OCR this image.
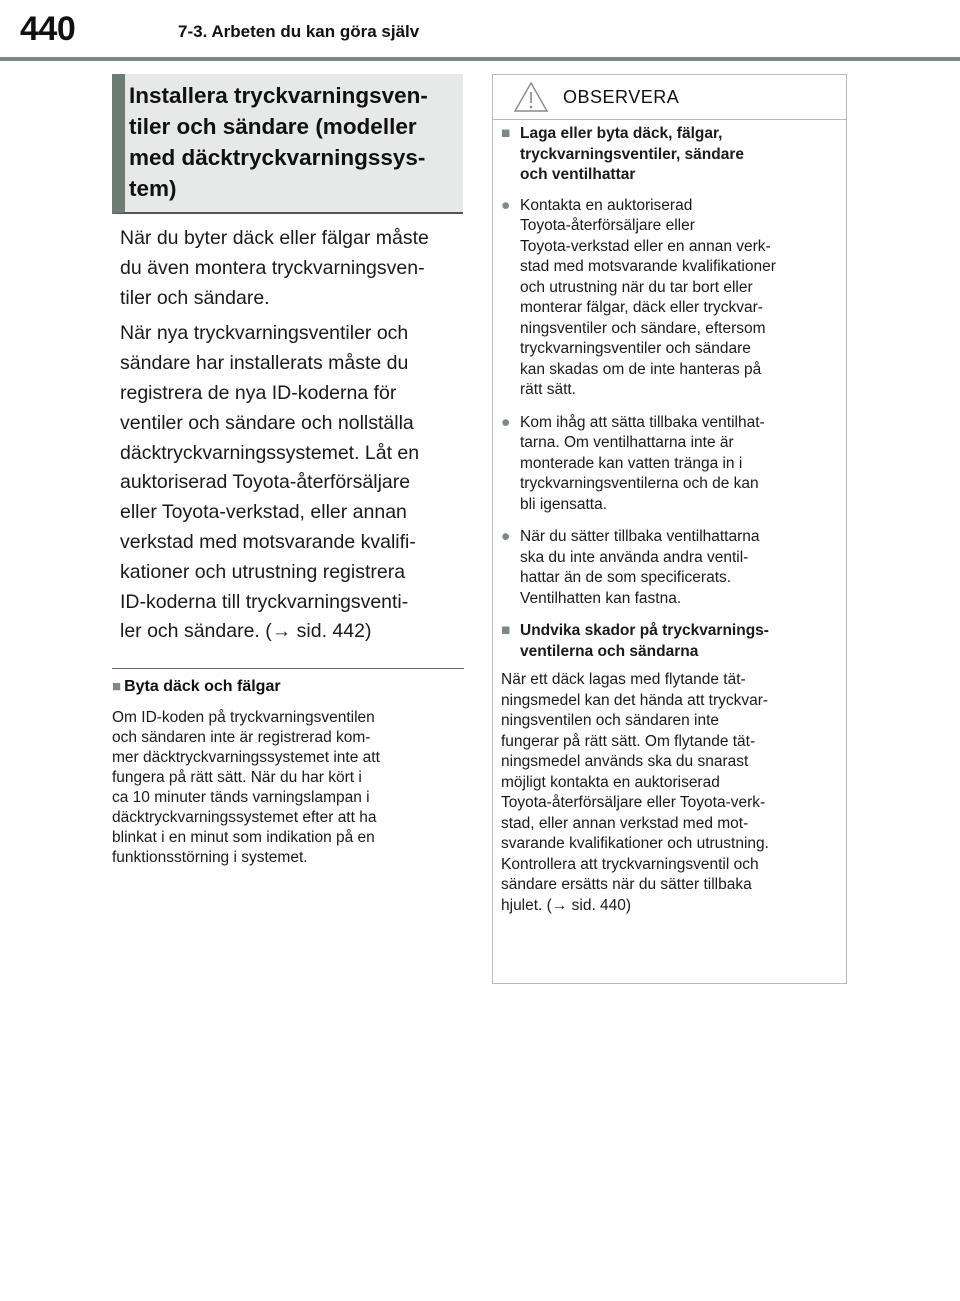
440	7-3. Arbeten du kan göra själv
Installera tryckvarningsven-
tiler och sändare (modeller
med däcktryckvarningssys-
tem)

När du byter däck eller fälgar måste
du även montera tryckvarningsven-
tiler och sändare.

När nya tryckvarningsventiler och
sändare har installerats måste du
registrera de nya ID-koderna för
ventiler och sändare och nollställa
däcktryckvarningssystemet. Låt en
auktoriserad Toyota-återförsäljare
eller Toyota-verkstad, eller annan
verkstad med motsvarande kvalifi-
kationer och utrustning registrera
ID-koderna till tryckvarningsventi-
ler och sändare. (→ sid. 442)

■ Byta däck och fälgar
Om ID-koden på tryckvarningsventilen
och sändaren inte är registrerad kom-
mer däcktryckvarningssystemet inte att
fungera på rätt sätt. När du har kört i
ca 10 minuter tänds varningslampan i
däcktryckvarningssystemet efter att ha
blinkat i en minut som indikation på en
funktionsstörning i systemet.
OBSERVERA
■ Laga eller byta däck, fälgar,
tryckvarningsventiler, sändare
och ventilhattar
● Kontakta en auktoriserad
Toyota-återförsäljare eller
Toyota-verkstad eller en annan verk-
stad med motsvarande kvalifikationer
och utrustning när du tar bort eller
monterar fälgar, däck eller tryckvar-
ningsventiler och sändare, eftersom
tryckvarningsventiler och sändare
kan skadas om de inte hanteras på
rätt sätt.
● Kom ihåg att sätta tillbaka ventilhat-
tarna. Om ventilhattarna inte är
monterade kan vatten tränga in i
tryckvarningsventilerna och de kan
bli igensatta.
● När du sätter tillbaka ventilhattarna
ska du inte använda andra ventil-
hattar än de som specificerats.
Ventilhatten kan fastna.
■ Undvika skador på tryckvarnings-
ventilerna och sändarna

När ett däck lagas med flytande tät-
ningsmedel kan det hända att tryckvar-
ningsventilen och sändaren inte
fungerar på rätt sätt. Om flytande tät-
ningsmedel används ska du snarast
möjligt kontakta en auktoriserad
Toyota-återförsäljare eller Toyota-verk-
stad, eller annan verkstad med mot-
svarande kvalifikationer och utrustning.
Kontrollera att tryckvarningsventil och
sändare ersätts när du sätter tillbaka
hjulet. (→ sid. 440)
